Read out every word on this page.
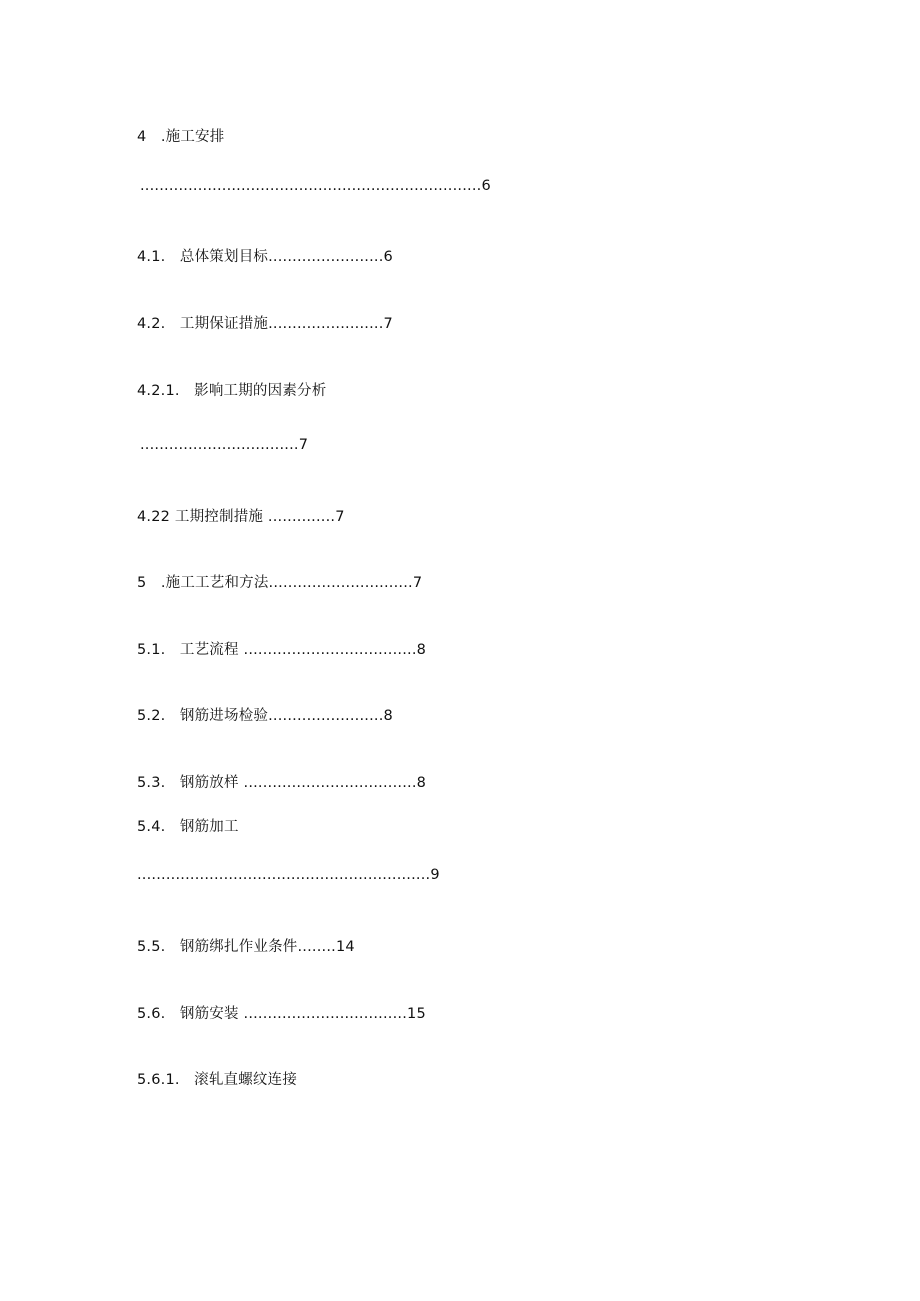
4   .施工安排
.......................................................................6
4.1.   总体策划目标........................6
4.2.   工期保证措施........................7
4.2.1.   影响工期的因素分析
.................................7
4.22 工期控制措施 ..............7
5   .施工工艺和方法..............................7
5.1.   工艺流程 ....................................8
5.2.   钢筋进场检验........................8
5.3.   钢筋放样 ....................................8
5.4.   钢筋加工
.............................................................9
5.5.   钢筋绑扎作业条件........14
5.6.   钢筋安装 ..................................15
5.6.1.   滚轧直螺纹连接
